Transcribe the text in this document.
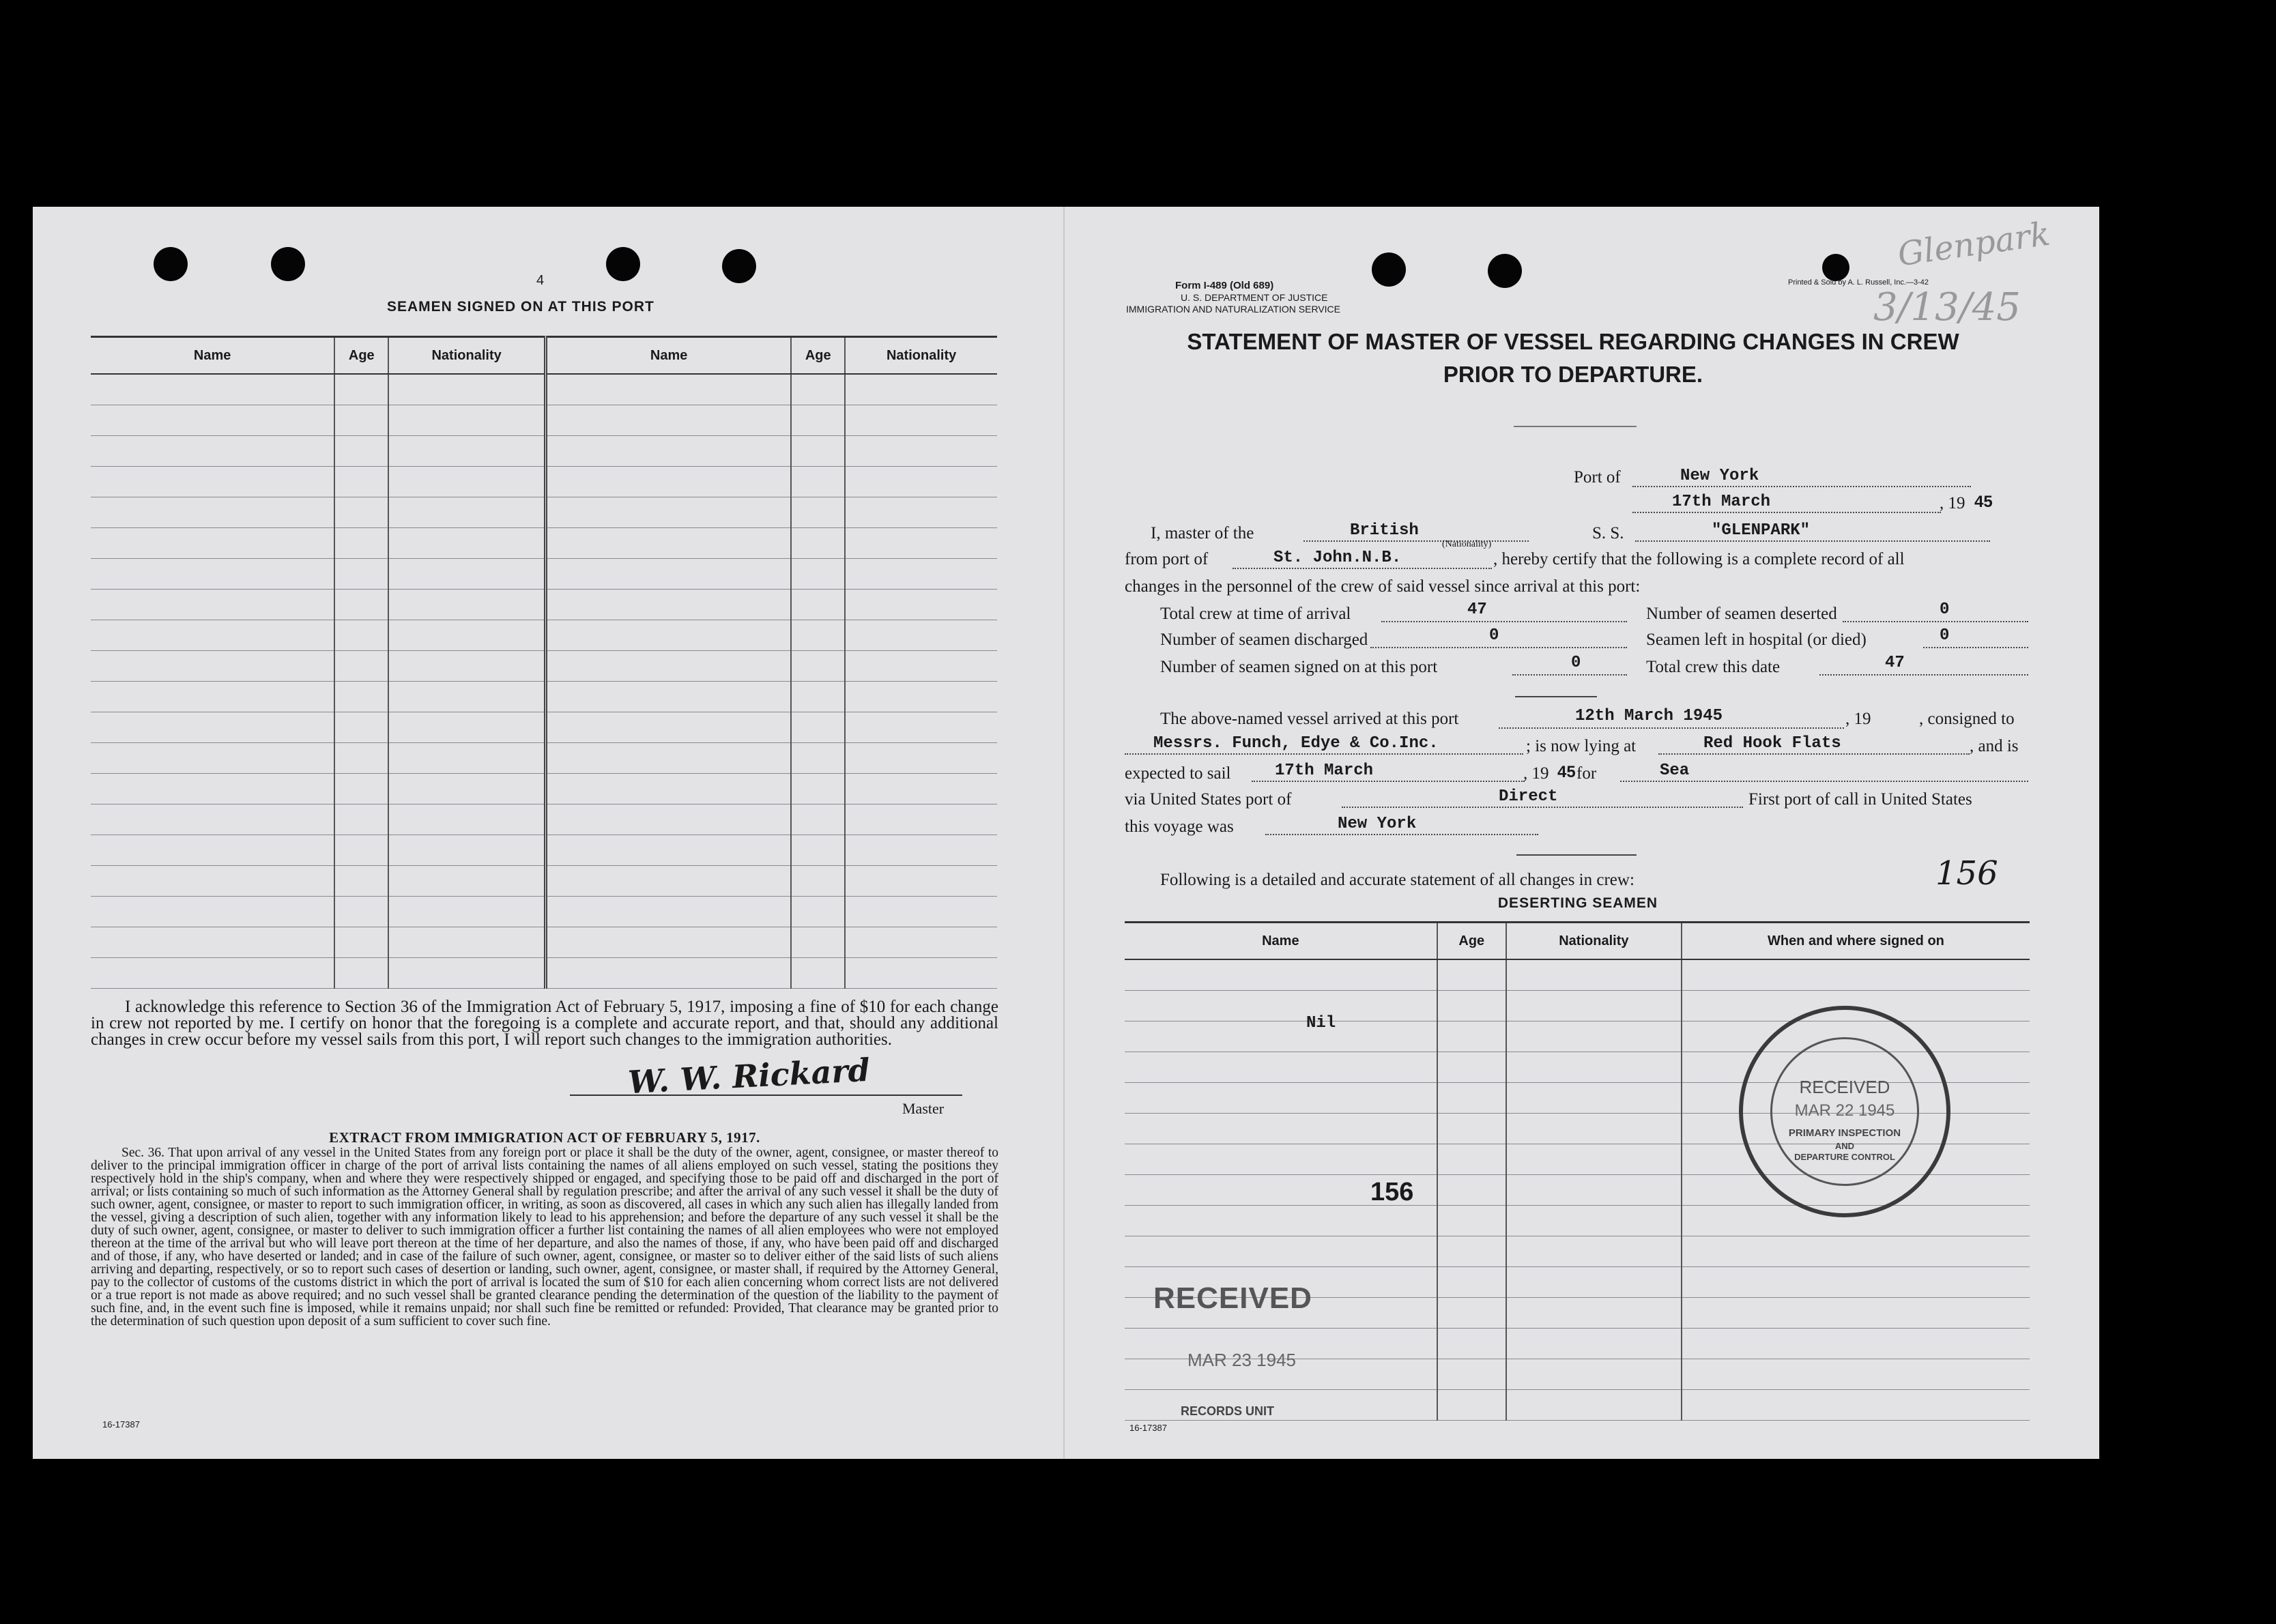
4
SEAMEN SIGNED ON AT THIS PORT
Name	Age	Nationality	Name	Age	Nationality

I acknowledge this reference to Section 36 of the Immigration Act of February 5, 1917, imposing a fine of $10 for each change in crew not reported by me. I certify on honor that the foregoing is a complete and accurate report, and that, should any additional changes in crew occur before my vessel sails from this port, I will report such changes to the immigration authorities.
W. W. Rickard
Master
EXTRACT FROM IMMIGRATION ACT OF FEBRUARY 5, 1917.
Sec. 36. That upon arrival of any vessel in the United States from any foreign port or place it shall be the duty of the owner, agent, consignee, or master thereof to deliver to the principal immigration officer in charge of the port of arrival lists containing the names of all aliens employed on such vessel, stating the positions they respectively hold in the ship's company, when and where they were respectively shipped or engaged, and specifying those to be paid off and discharged in the port of arrival; or lists containing so much of such information as the Attorney General shall by regulation prescribe; and after the arrival of any such vessel it shall be the duty of such owner, agent, consignee, or master to report to such immigration officer, in writing, as soon as discovered, all cases in which any such alien has illegally landed from the vessel, giving a description of such alien, together with any information likely to lead to his apprehension; and before the departure of any such vessel it shall be the duty of such owner, agent, consignee, or master to deliver to such immigration officer a further list containing the names of all alien employees who were not employed thereon at the time of the arrival but who will leave port thereon at the time of her departure, and also the names of those, if any, who have been paid off and discharged and of those, if any, who have deserted or landed; and in case of the failure of such owner, agent, consignee, or master so to deliver either of the said lists of such aliens arriving and departing, respectively, or so to report such cases of desertion or landing, such owner, agent, consignee, or master shall, if required by the Attorney General, pay to the collector of customs of the customs district in which the port of arrival is located the sum of $10 for each alien concerning whom correct lists are not delivered or a true report is not made as above required; and no such vessel shall be granted clearance pending the determination of the question of the liability to the payment of such fine, and, in the event such fine is imposed, while it remains unpaid; nor shall such fine be remitted or refunded: Provided, That clearance may be granted prior to the determination of such question upon deposit of a sum sufficient to cover such fine.
16-17387
Form I-489 (Old 689)
U. S. DEPARTMENT OF JUSTICE
IMMIGRATION AND NATURALIZATION SERVICE
Printed & Sold by A. L. Russell, Inc.—3-42
Glenpark
3/13/45
STATEMENT OF MASTER OF VESSEL REGARDING CHANGES IN CREW
PRIOR TO DEPARTURE.
Port of	New York
17th March	, 19 45
I, master of the	British
(Nationality)
S. S.	"GLENPARK"
from port of	St. John.N.B.	, hereby certify that the following is a complete record of all
changes in the personnel of the crew of said vessel since arrival at this port:
Total crew at time of arrival	47	Number of seamen deserted	0
Number of seamen discharged	0	Seamen left in hospital (or died)	0
Number of seamen signed on at this port	0	Total crew this date	47
The above-named vessel arrived at this port	12th March 1945	, 19	, consigned to
Messrs. Funch, Edye & Co.Inc.	; is now lying at	Red Hook Flats	, and is
expected to sail	17th March	, 19 45 for	Sea
via United States port of	Direct	First port of call in United States
this voyage was	New York
Following is a detailed and accurate statement of all changes in crew:	156
DESERTING SEAMEN
Name	Age	Nationality	When and where signed on

Nil
156
RECEIVED
MAR 23 1945
RECORDS UNIT
RECEIVED
MAR 22 1945
PRIMARY INSPECTION
AND
DEPARTURE CONTROL
16-17387
